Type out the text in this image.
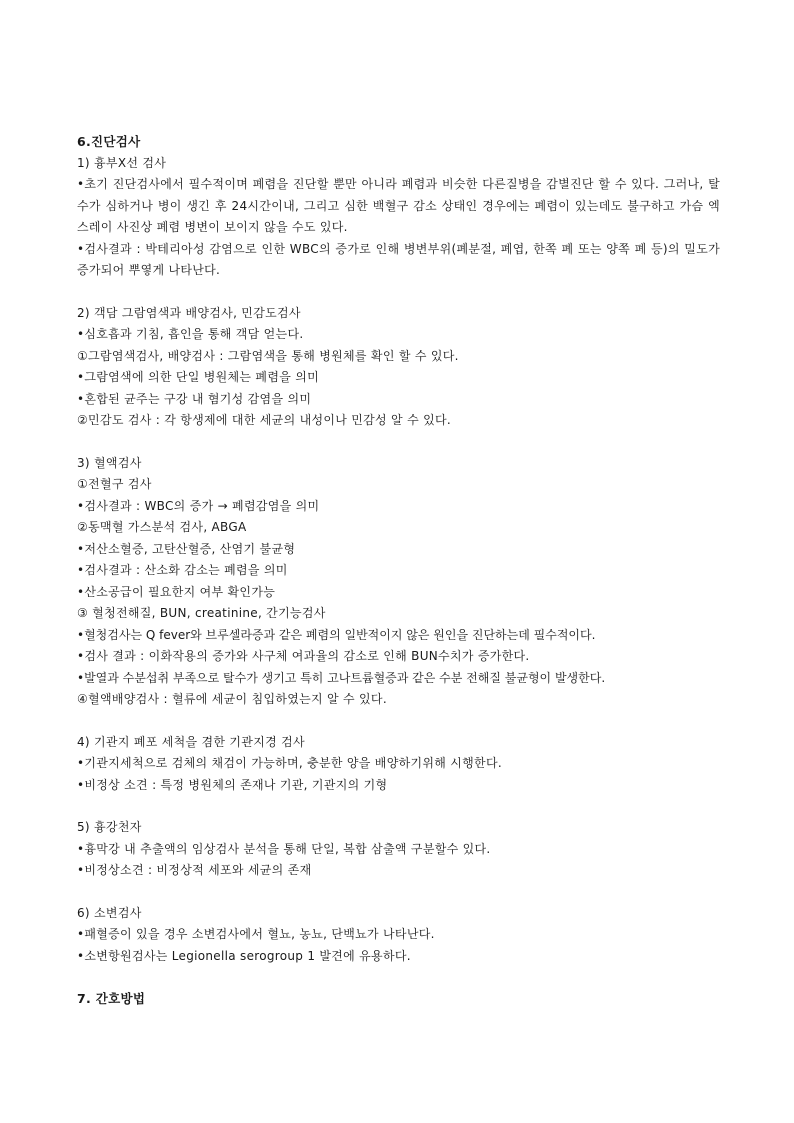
6.진단검사
1) 흉부X선 검사
•초기 진단검사에서 필수적이며 폐렴을 진단할 뿐만 아니라 폐렴과 비슷한 다른질병을 감별진단 할 수 있다. 그러나, 탈수가 심하거나 병이 생긴 후 24시간이내, 그리고 심한 백혈구 감소 상태인 경우에는 폐렴이 있는데도 불구하고 가슴 엑스레이 사진상 폐렴 병변이 보이지 않을 수도 있다.
•검사결과 : 박테리아성 감염으로 인한 WBC의 증가로 인해 병변부위(폐분절, 폐엽, 한쪽 폐 또는 양쪽 폐 등)의 밀도가 증가되어 뿌옇게 나타난다.
2) 객담 그람염색과 배양검사, 민감도검사
•심호흡과 기침, 흡인을 통해 객담 얻는다.
①그람염색검사, 배양검사 : 그람염색을 통해 병원체를 확인 할 수 있다.
•그람염색에 의한 단일 병원체는 폐렴을 의미
•혼합된 균주는 구강 내 혐기성 감염을 의미
②민감도 검사 : 각 항생제에 대한 세균의 내성이나 민감성 알 수 있다.
3) 혈액검사
①전혈구 검사
•검사결과 : WBC의 증가 → 폐렴감염을 의미
②동맥혈 가스분석 검사, ABGA
•저산소혈증, 고탄산혈증, 산염기 불균형
•검사결과 : 산소화 감소는 폐렴을 의미
•산소공급이 필요한지 여부 확인가능
③ 혈청전해질, BUN, creatinine, 간기능검사
•혈청검사는 Q fever와 브루셀라증과 같은 폐렴의 일반적이지 않은 원인을 진단하는데 필수적이다.
•검사 결과 : 이화작용의 증가와 사구체 여과율의 감소로 인해 BUN수치가 증가한다.
•발열과 수분섭취 부족으로 탈수가 생기고 특히 고나트륨혈증과 같은 수분 전해질 불균형이 발생한다.
④혈액배양검사 : 혈류에 세균이 침입하였는지 알 수 있다.
4) 기관지 폐포 세척을 겸한 기관지경 검사
•기관지세척으로 검체의 채검이 가능하며, 충분한 양을 배양하기위해 시행한다.
•비정상 소견 : 특정 병원체의 존재나 기관, 기관지의 기형
5) 흉강천자
•흉막강 내 추출액의 임상검사 분석을 통해 단일, 복합 삼출액 구분할수 있다.
•비정상소견 : 비정상적 세포와 세균의 존재
6) 소변검사
•패혈증이 있을 경우 소변검사에서 혈뇨, 농뇨, 단백뇨가 나타난다.
•소변항원검사는 Legionella serogroup 1 발견에 유용하다.
7. 간호방법
